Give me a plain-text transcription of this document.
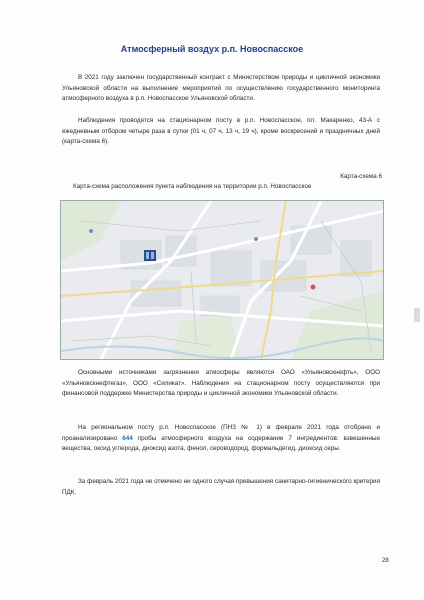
Атмосферный воздух р.п. Новоспасское

В 2021 году заключен государственный контракт с Министерством природы и цикличной экономики Ульяновской области на выполнение мероприятий по осуществлению государственного мониторинга атмосферного воздуха в р.п. Новоспасское Ульяновской области.

Наблюдения проводятся на стационарном посту в р.п. Новоспасское, пл. Макаренко, 43-А с ежедневным отбором четыре раза в сутки (01 ч, 07 ч, 13 ч, 19 ч), кроме воскресений и праздничных дней (карта-схема 6).

Карта-схема 6
Карта-схема расположения пункта наблюдения на территории р.п. Новоспасское

Основными источниками загрязнения атмосферы являются ОАО «Ульяновскнефть», ООО «Ульяновскнефтегаз», ООО «Силикат». Наблюдения на стационарном посту осуществляются при финансовой поддержке Министерства природы и цикличной экономики Ульяновской области.

На региональном посту р.п. Новоспасское (ПНЗ № 1) в феврале 2021 года отобрано и проанализировано 644 пробы атмосферного воздуха на содержание 7 ингредиентов: взвешенные вещества, оксид углерода, диоксид азота, фенол, сероводород, формальдегид, диоксид серы.

За февраль 2021 года не отмечено ни одного случая превышения санитарно-гигиенического критерия ПДК.

28
